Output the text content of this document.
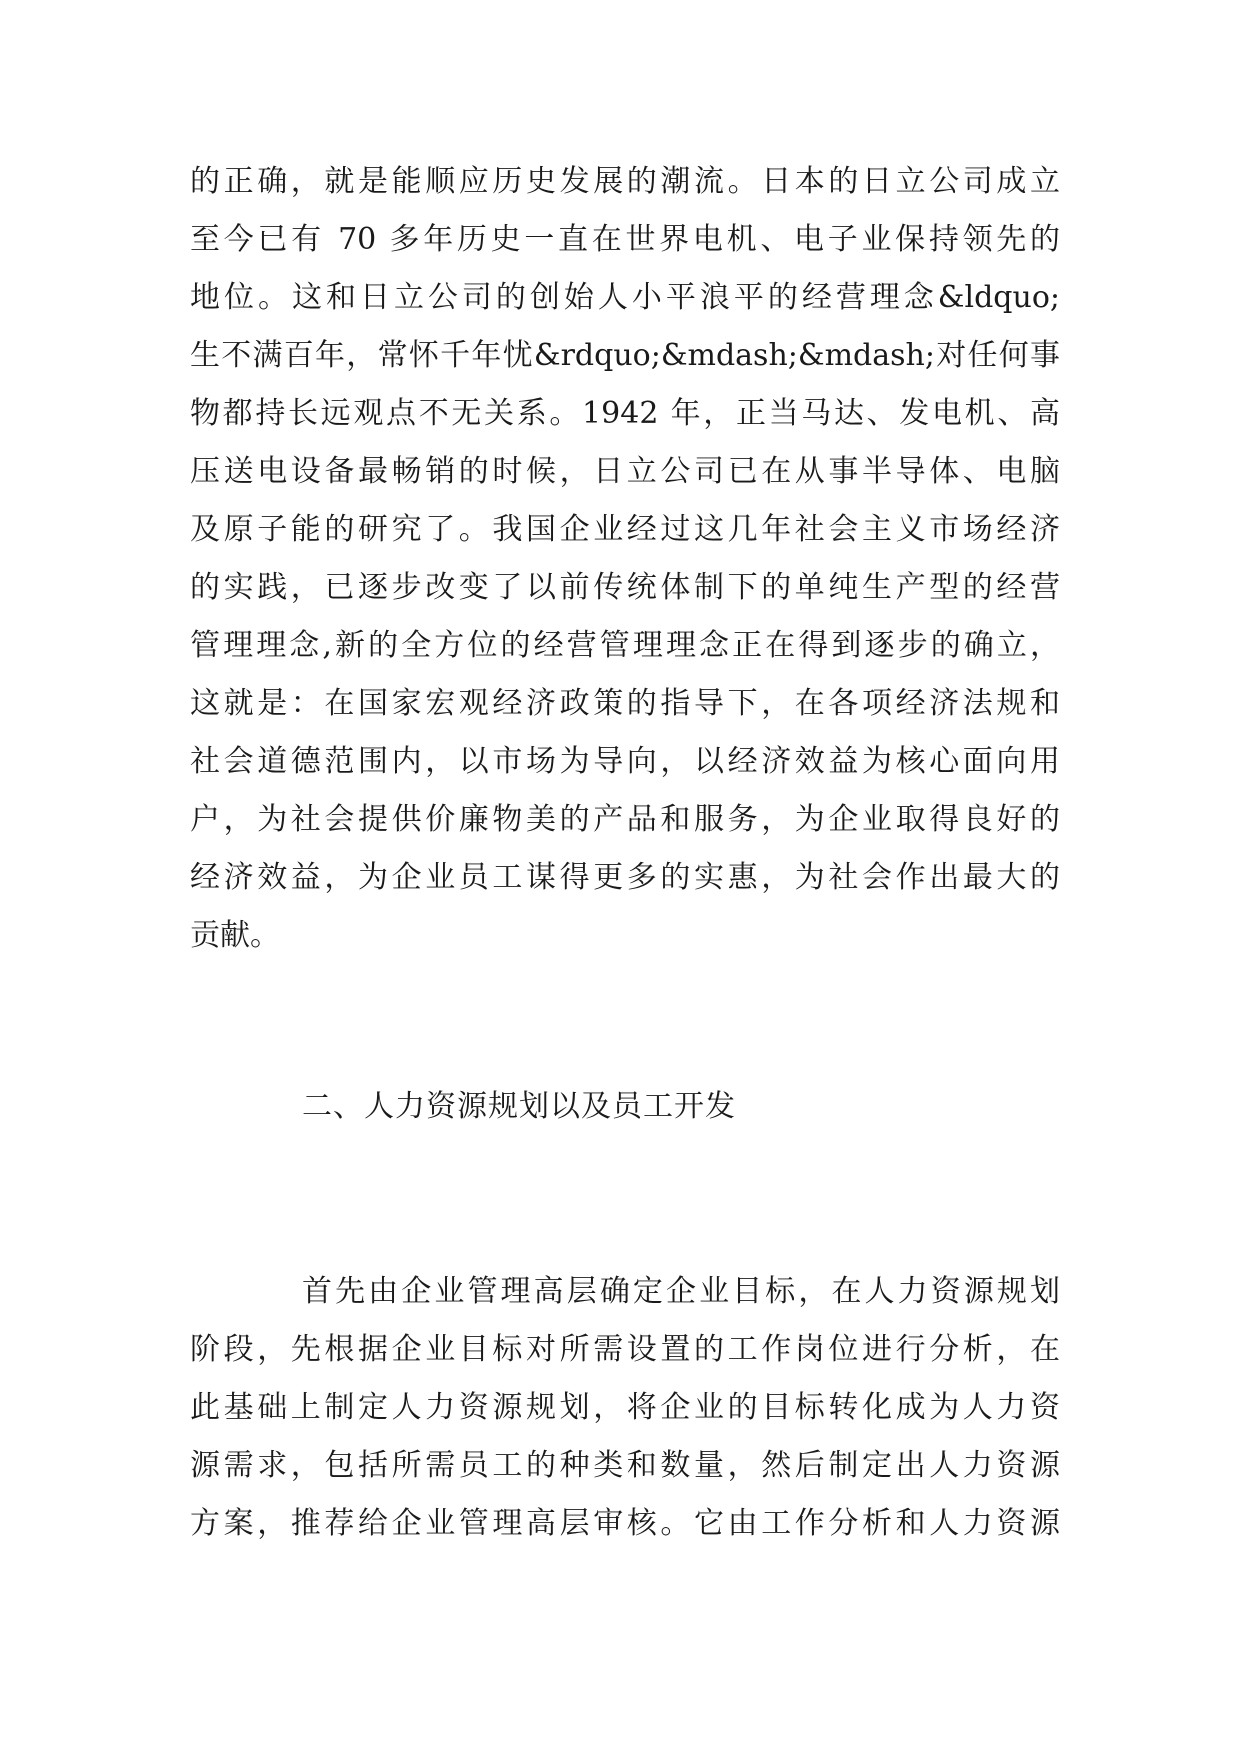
的正确，就是能顺应历史发展的潮流。日本的日立公司成立
至今已有 70 多年历史一直在世界电机、电子业保持领先的
地位。这和日立公司的创始人小平浪平的经营理念&ldquo;
生不满百年，常怀千年忧&rdquo;&mdash;&mdash;对任何事
物都持长远观点不无关系。1942 年，正当马达、发电机、高
压送电设备最畅销的时候，日立公司已在从事半导体、电脑
及原子能的研究了。我国企业经过这几年社会主义市场经济
的实践，已逐步改变了以前传统体制下的单纯生产型的经营
管理理念,新的全方位的经营管理理念正在得到逐步的确立，
这就是：在国家宏观经济政策的指导下，在各项经济法规和
社会道德范围内，以市场为导向，以经济效益为核心面向用
户，为社会提供价廉物美的产品和服务，为企业取得良好的
经济效益，为企业员工谋得更多的实惠，为社会作出最大的
贡献。
二、人力资源规划以及员工开发
首先由企业管理高层确定企业目标，在人力资源规划
阶段，先根据企业目标对所需设置的工作岗位进行分析，在
此基础上制定人力资源规划，将企业的目标转化成为人力资
源需求，包括所需员工的种类和数量，然后制定出人力资源
方案，推荐给企业管理高层审核。它由工作分析和人力资源
